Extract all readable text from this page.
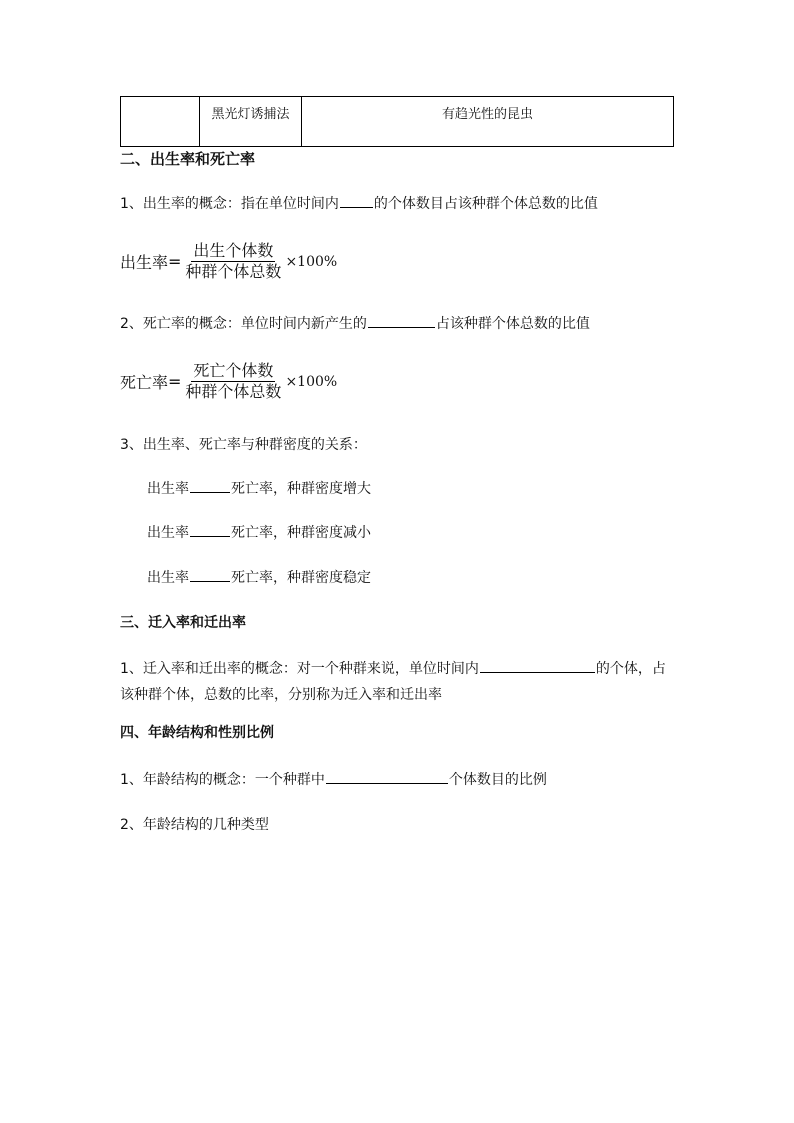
	黑光灯诱捕法	有趋光性的昆虫
二、出生率和死亡率
1、出生率的概念：指在单位时间内	的个体数目占该种群个体总数的比值
出生率 = $\frac{\text{出生个体数}}{\text{种群个体总数}} \times 100\%$
2、死亡率的概念：单位时间内新产生的	占该种群个体总数的比值
死亡率 = $\frac{\text{死亡个体数}}{\text{种群个体总数}} \times 100\%$
3、出生率、死亡率与种群密度的关系：
出生率	死亡率，种群密度增大
出生率	死亡率，种群密度减小
出生率	死亡率，种群密度稳定
三、迁入率和迁出率
1、迁入率和迁出率的概念：对一个种群来说，单位时间内	的个体，占
该种群个体，总数的比率，分别称为迁入率和迁出率
四、年龄结构和性别比例
1、年龄结构的概念：一个种群中	个体数目的比例
2、年龄结构的几种类型
